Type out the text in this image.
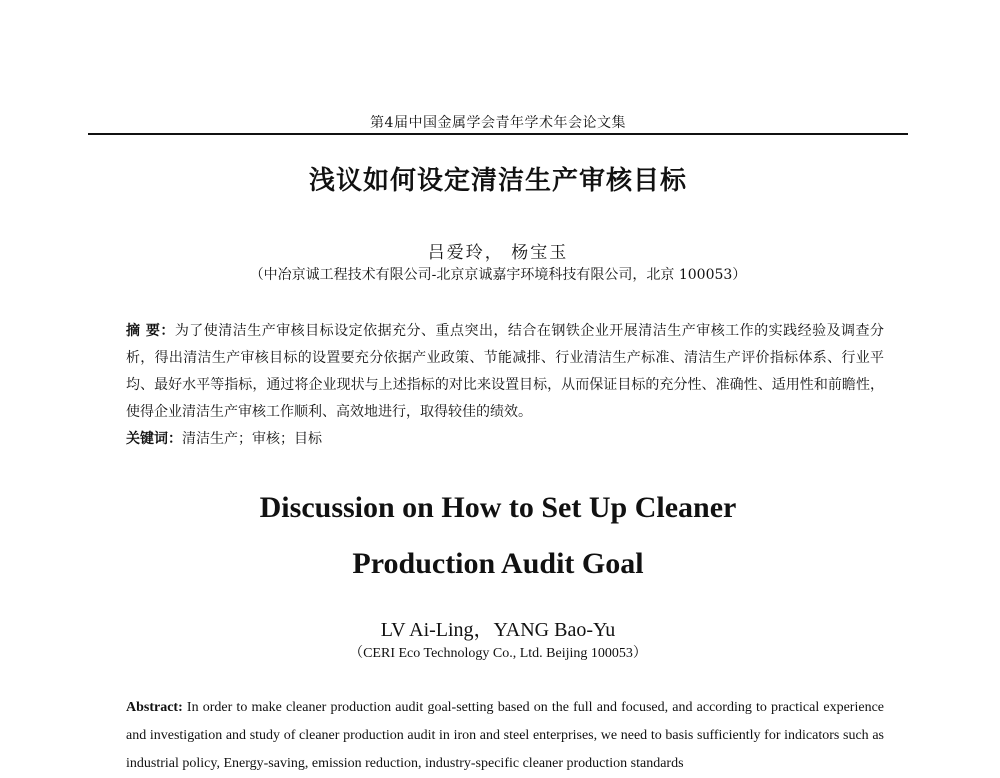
第4届中国金属学会青年学术年会论文集
浅议如何设定清洁生产审核目标
吕爱玲， 杨宝玉
（中冶京诚工程技术有限公司-北京京诚嘉宇环境科技有限公司，北京 100053）
摘 要：为了使清洁生产审核目标设定依据充分、重点突出，结合在钢铁企业开展清洁生产审核工作的实践经验及调查分析，得出清洁生产审核目标的设置要充分依据产业政策、节能减排、行业清洁生产标准、清洁生产评价指标体系、行业平均、最好水平等指标，通过将企业现状与上述指标的对比来设置目标，从而保证目标的充分性、准确性、适用性和前瞻性，使得企业清洁生产审核工作顺利、高效地进行，取得较佳的绩效。
关键词：清洁生产；审核；目标
Discussion on How to Set Up Cleaner
Production Audit Goal
LV Ai-Ling，YANG Bao-Yu
（CERI Eco Technology Co., Ltd. Beijing 100053）
Abstract: In order to make cleaner production audit goal-setting based on the full and focused, and according to practical experience and investigation and study of cleaner production audit in iron and steel enterprises, we need to basis sufficiently for indicators such as industrial policy, Energy-saving, emission reduction, industry-specific cleaner production standards
